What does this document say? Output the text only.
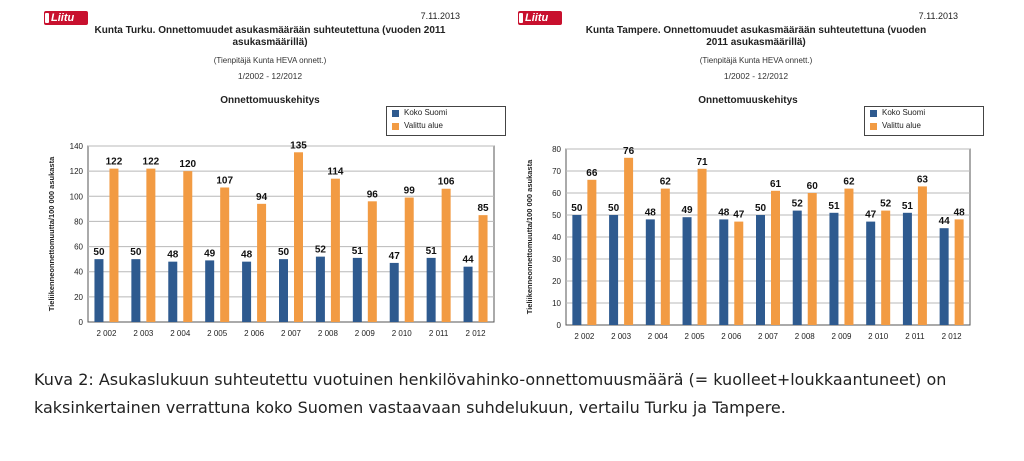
Liitu	7.11.2013
Kunta Turku. Onnettomuudet asukasmäärään suhteutettuna (vuoden 2011 asukasmäärillä)
(Tienpitäjä Kunta HEVA onnett.)
1/2002 - 12/2012
Onnettomuuskehitys
Koko Suomi
Valittu alue
0
20
40
60
80
100
120
140
Tieliikenneonnettomuutta/100 000 asukasta	50
122
2 002
50
122
2 003
48
120
2 004
49
107
2 005
48
94
2 006
50
135
2 007
52
114
2 008
51
96
2 009
47
99
2 010
51
106
2 011
44
85
2 012
Liitu	7.11.2013
Kunta Tampere. Onnettomuudet asukasmäärään suhteutettuna (vuoden 2011 asukasmäärillä)
(Tienpitäjä Kunta HEVA onnett.)
1/2002 - 12/2012
Onnettomuuskehitys
Koko Suomi
Valittu alue
0
10
20
30
40
50
60
70
80
Tieliikenneonnettomuutta/100 000 asukasta	50
66
2 002
50
76
2 003
48
62
2 004
49
71
2 005
48 47
2 006
50
61
2 007
52
60
2 008
51
62
2 009
47
52
2 010
51
63
2 011
44
48
2 012
Kuva 2: Asukaslukuun suhteutettu vuotuinen henkilövahinko-onnettomuusmäärä (= kuolleet+loukkaantuneet) on kaksinkertainen verrattuna koko Suomen vastaavaan suhdelukuun, vertailu Turku ja Tampere.
